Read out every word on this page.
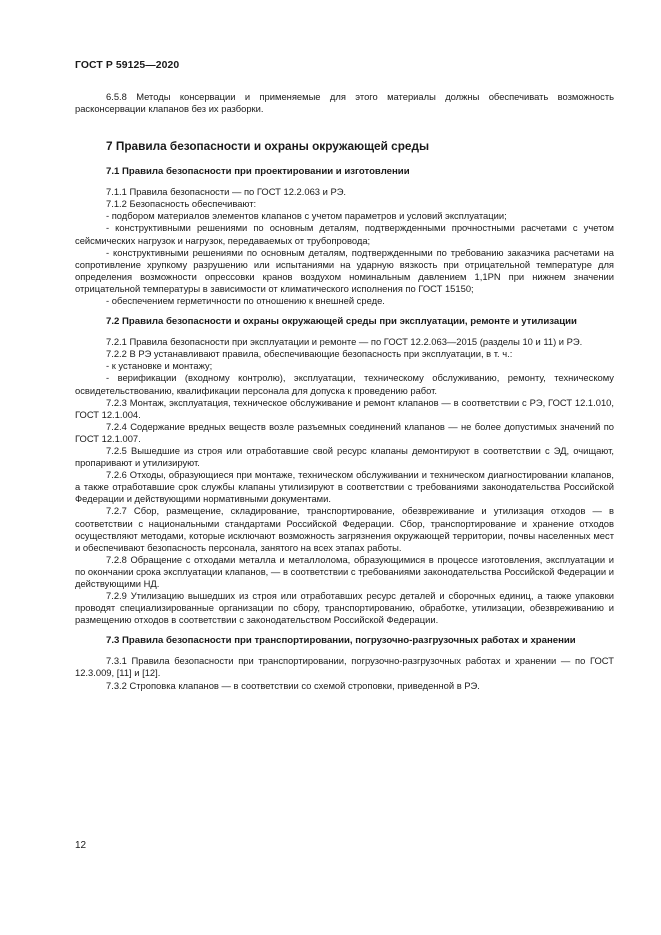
ГОСТ Р 59125—2020

6.5.8 Методы консервации и применяемые для этого материалы должны обеспечивать возможность расконсервации клапанов без их разборки.

7 Правила безопасности и охраны окружающей среды
7.1 Правила безопасности при проектировании и изготовлении

7.1.1 Правила безопасности — по ГОСТ 12.2.063 и РЭ.

7.1.2 Безопасность обеспечивают:

- подбором материалов элементов клапанов с учетом параметров и условий эксплуатации;

- конструктивными решениями по основным деталям, подтвержденными прочностными расчетами с учетом сейсмических нагрузок и нагрузок, передаваемых от трубопровода;

- конструктивными решениями по основным деталям, подтвержденными по требованию заказчика расчетами на сопротивление хрупкому разрушению или испытаниями на ударную вязкость при отрицательной температуре для определения возможности опрессовки кранов воздухом номинальным давлением 1,1PN при нижнем значении отрицательной температуры в зависимости от климатического исполнения по ГОСТ 15150;

- обеспечением герметичности по отношению к внешней среде.

7.2 Правила безопасности и охраны окружающей среды при эксплуатации, ремонте и утилизации

7.2.1 Правила безопасности при эксплуатации и ремонте — по ГОСТ 12.2.063—2015 (разделы 10 и 11) и РЭ.

7.2.2 В РЭ устанавливают правила, обеспечивающие безопасность при эксплуатации, в т. ч.:

- к установке и монтажу;

- верификации (входному контролю), эксплуатации, техническому обслуживанию, ремонту, техническому освидетельствованию, квалификации персонала для допуска к проведению работ.

7.2.3 Монтаж, эксплуатация, техническое обслуживание и ремонт клапанов — в соответствии с РЭ, ГОСТ 12.1.010, ГОСТ 12.1.004.

7.2.4 Содержание вредных веществ возле разъемных соединений клапанов — не более допустимых значений по ГОСТ 12.1.007.

7.2.5 Вышедшие из строя или отработавшие свой ресурс клапаны демонтируют в соответствии с ЭД, очищают, пропаривают и утилизируют.

7.2.6 Отходы, образующиеся при монтаже, техническом обслуживании и техническом диагностировании клапанов, а также отработавшие срок службы клапаны утилизируют в соответствии с требованиями законодательства Российской Федерации и действующими нормативными документами.

7.2.7 Сбор, размещение, складирование, транспортирование, обезвреживание и утилизация отходов — в соответствии с национальными стандартами Российской Федерации. Сбор, транспортирование и хранение отходов осуществляют методами, которые исключают возможность загрязнения окружающей территории, почвы населенных мест и обеспечивают безопасность персонала, занятого на всех этапах работы.

7.2.8 Обращение с отходами металла и металлолома, образующимися в процессе изготовления, эксплуатации и по окончании срока эксплуатации клапанов, — в соответствии с требованиями законодательства Российской Федерации и действующими НД.

7.2.9 Утилизацию вышедших из строя или отработавших ресурс деталей и сборочных единиц, а также упаковки проводят специализированные организации по сбору, транспортированию, обработке, утилизации, обезвреживанию и размещению отходов в соответствии с законодательством Российской Федерации.

7.3 Правила безопасности при транспортировании, погрузочно-разгрузочных работах и хранении

7.3.1 Правила безопасности при транспортировании, погрузочно-разгрузочных работах и хранении — по ГОСТ 12.3.009, [11] и [12].

7.3.2 Строповка клапанов — в соответствии со схемой строповки, приведенной в РЭ.

12
